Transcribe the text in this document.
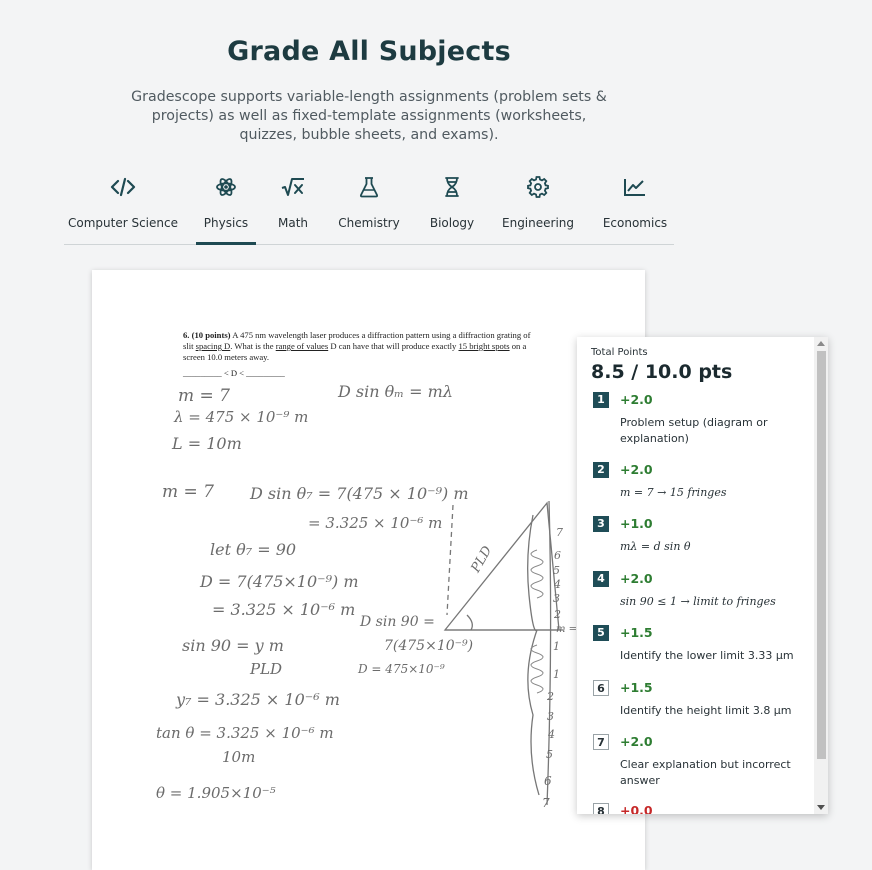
Grade All Subjects
Gradescope supports variable-length assignments (problem sets & projects) as well as fixed-template assignments (worksheets, quizzes, bubble sheets, and exams).
Computer Science	Physics	Math	Chemistry	Biology	Engineering Economics
6. (10 points) A 475 nm wavelength laser produces a diffraction pattern using a diffraction grating of slit spacing D. What is the range of values D can have that will produce exactly 15 bright spots on a screen 10.0 meters away.
_________ < D < _________
m = 7
λ = 475 × 10⁻⁹ m
L = 10m
D sin θₘ = mλ
m = 7 D sin θ₇ = 7(475 × 10⁻⁹) m
= 3.325 × 10⁻⁶ m
let θ₇ = 90
D = 7(475×10⁻⁹) m
= 3.325 × 10⁻⁶ m
sin 90 = y m
PLD
D sin 90 =
7(475×10⁻⁹)
D = 475×10⁻⁹
y₇ = 3.325 × 10⁻⁶ m
tan θ = 3.325 × 10⁻⁶ m
10m
θ = 1.905×10⁻⁵
PLD
m =
7
6
5
4
3
2
1
1
2
3
4
5
6
7
Total Points
8.5 / 10.0 pts
1	+2.0
Problem setup (diagram or explanation)
2	+2.0
m = 7 → 15 fringes
3	+1.0
mλ = d sin θ
4	+2.0
sin 90 ≤ 1 → limit to fringes
5	+1.5
Identify the lower limit 3.33 μm
6	+1.5
Identify the height limit 3.8 μm
7	+2.0
Clear explanation but incorrect answer
8	+0.0
